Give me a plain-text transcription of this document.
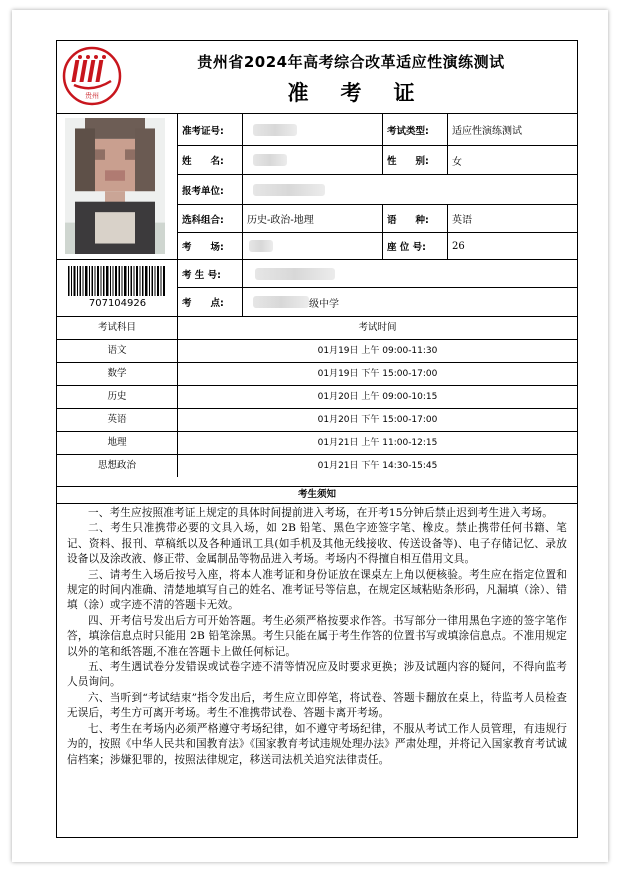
贵州
贵州省2024年高考综合改革适应性演练测试
准考证
707104926
准考证号:	考试类型:	适应性演练测试
姓　　名:	性　　别:	女
报考单位:
选科组合:	历史-政治-地理	语　　种:	英语
考　　场:	座 位 号:	26
考 生 号:
考　　点:	级中学
考试科目	考试时间
语文	01月19日 上午 09:00-11:30
数学	01月19日 下午 15:00-17:00
历史	01月20日 上午 09:00-10:15
英语	01月20日 下午 15:00-17:00
地理	01月21日 上午 11:00-12:15
思想政治	01月21日 下午 14:30-15:45
考生须知

一、考生应按照准考证上规定的具体时间提前进入考场，在开考15分钟后禁止迟到考生进入考场。

二、考生只准携带必要的文具入场，如 2B 铅笔、黑色字迹签字笔、橡皮。禁止携带任何书籍、笔记、资料、报刊、草稿纸以及各种通讯工具(如手机及其他无线接收、传送设备等)、电子存储记忆、录放设备以及涂改液、修正带、金属制品等物品进入考场。考场内不得擅自相互借用文具。

三、请考生入场后按号入座，将本人准考证和身份证放在课桌左上角以便核验。考生应在指定位置和规定的时间内准确、清楚地填写自己的姓名、准考证号等信息，在规定区域粘贴条形码，凡漏填（涂）、错填（涂）或字迹不清的答题卡无效。

四、开考信号发出后方可开始答题。考生必须严格按要求作答。书写部分一律用黑色字迹的签字笔作答，填涂信息点时只能用 2B 铅笔涂黑。考生只能在属于考生作答的位置书写或填涂信息点。不准用规定以外的笔和纸答题,不准在答题卡上做任何标记。

五、考生遇试卷分发错误或试卷字迹不清等情况应及时要求更换；涉及试题内容的疑问，不得向监考人员询问。

六、当听到“考试结束”指令发出后，考生应立即停笔，将试卷、答题卡翻放在桌上，待监考人员检查无误后，考生方可离开考场。考生不准携带试卷、答题卡离开考场。

七、考生在考场内必须严格遵守考场纪律，如不遵守考场纪律，不服从考试工作人员管理，有违规行为的，按照《中华人民共和国教育法》《国家教育考试违规处理办法》严肃处理，并将记入国家教育考试诚信档案；涉嫌犯罪的，按照法律规定，移送司法机关追究法律责任。
